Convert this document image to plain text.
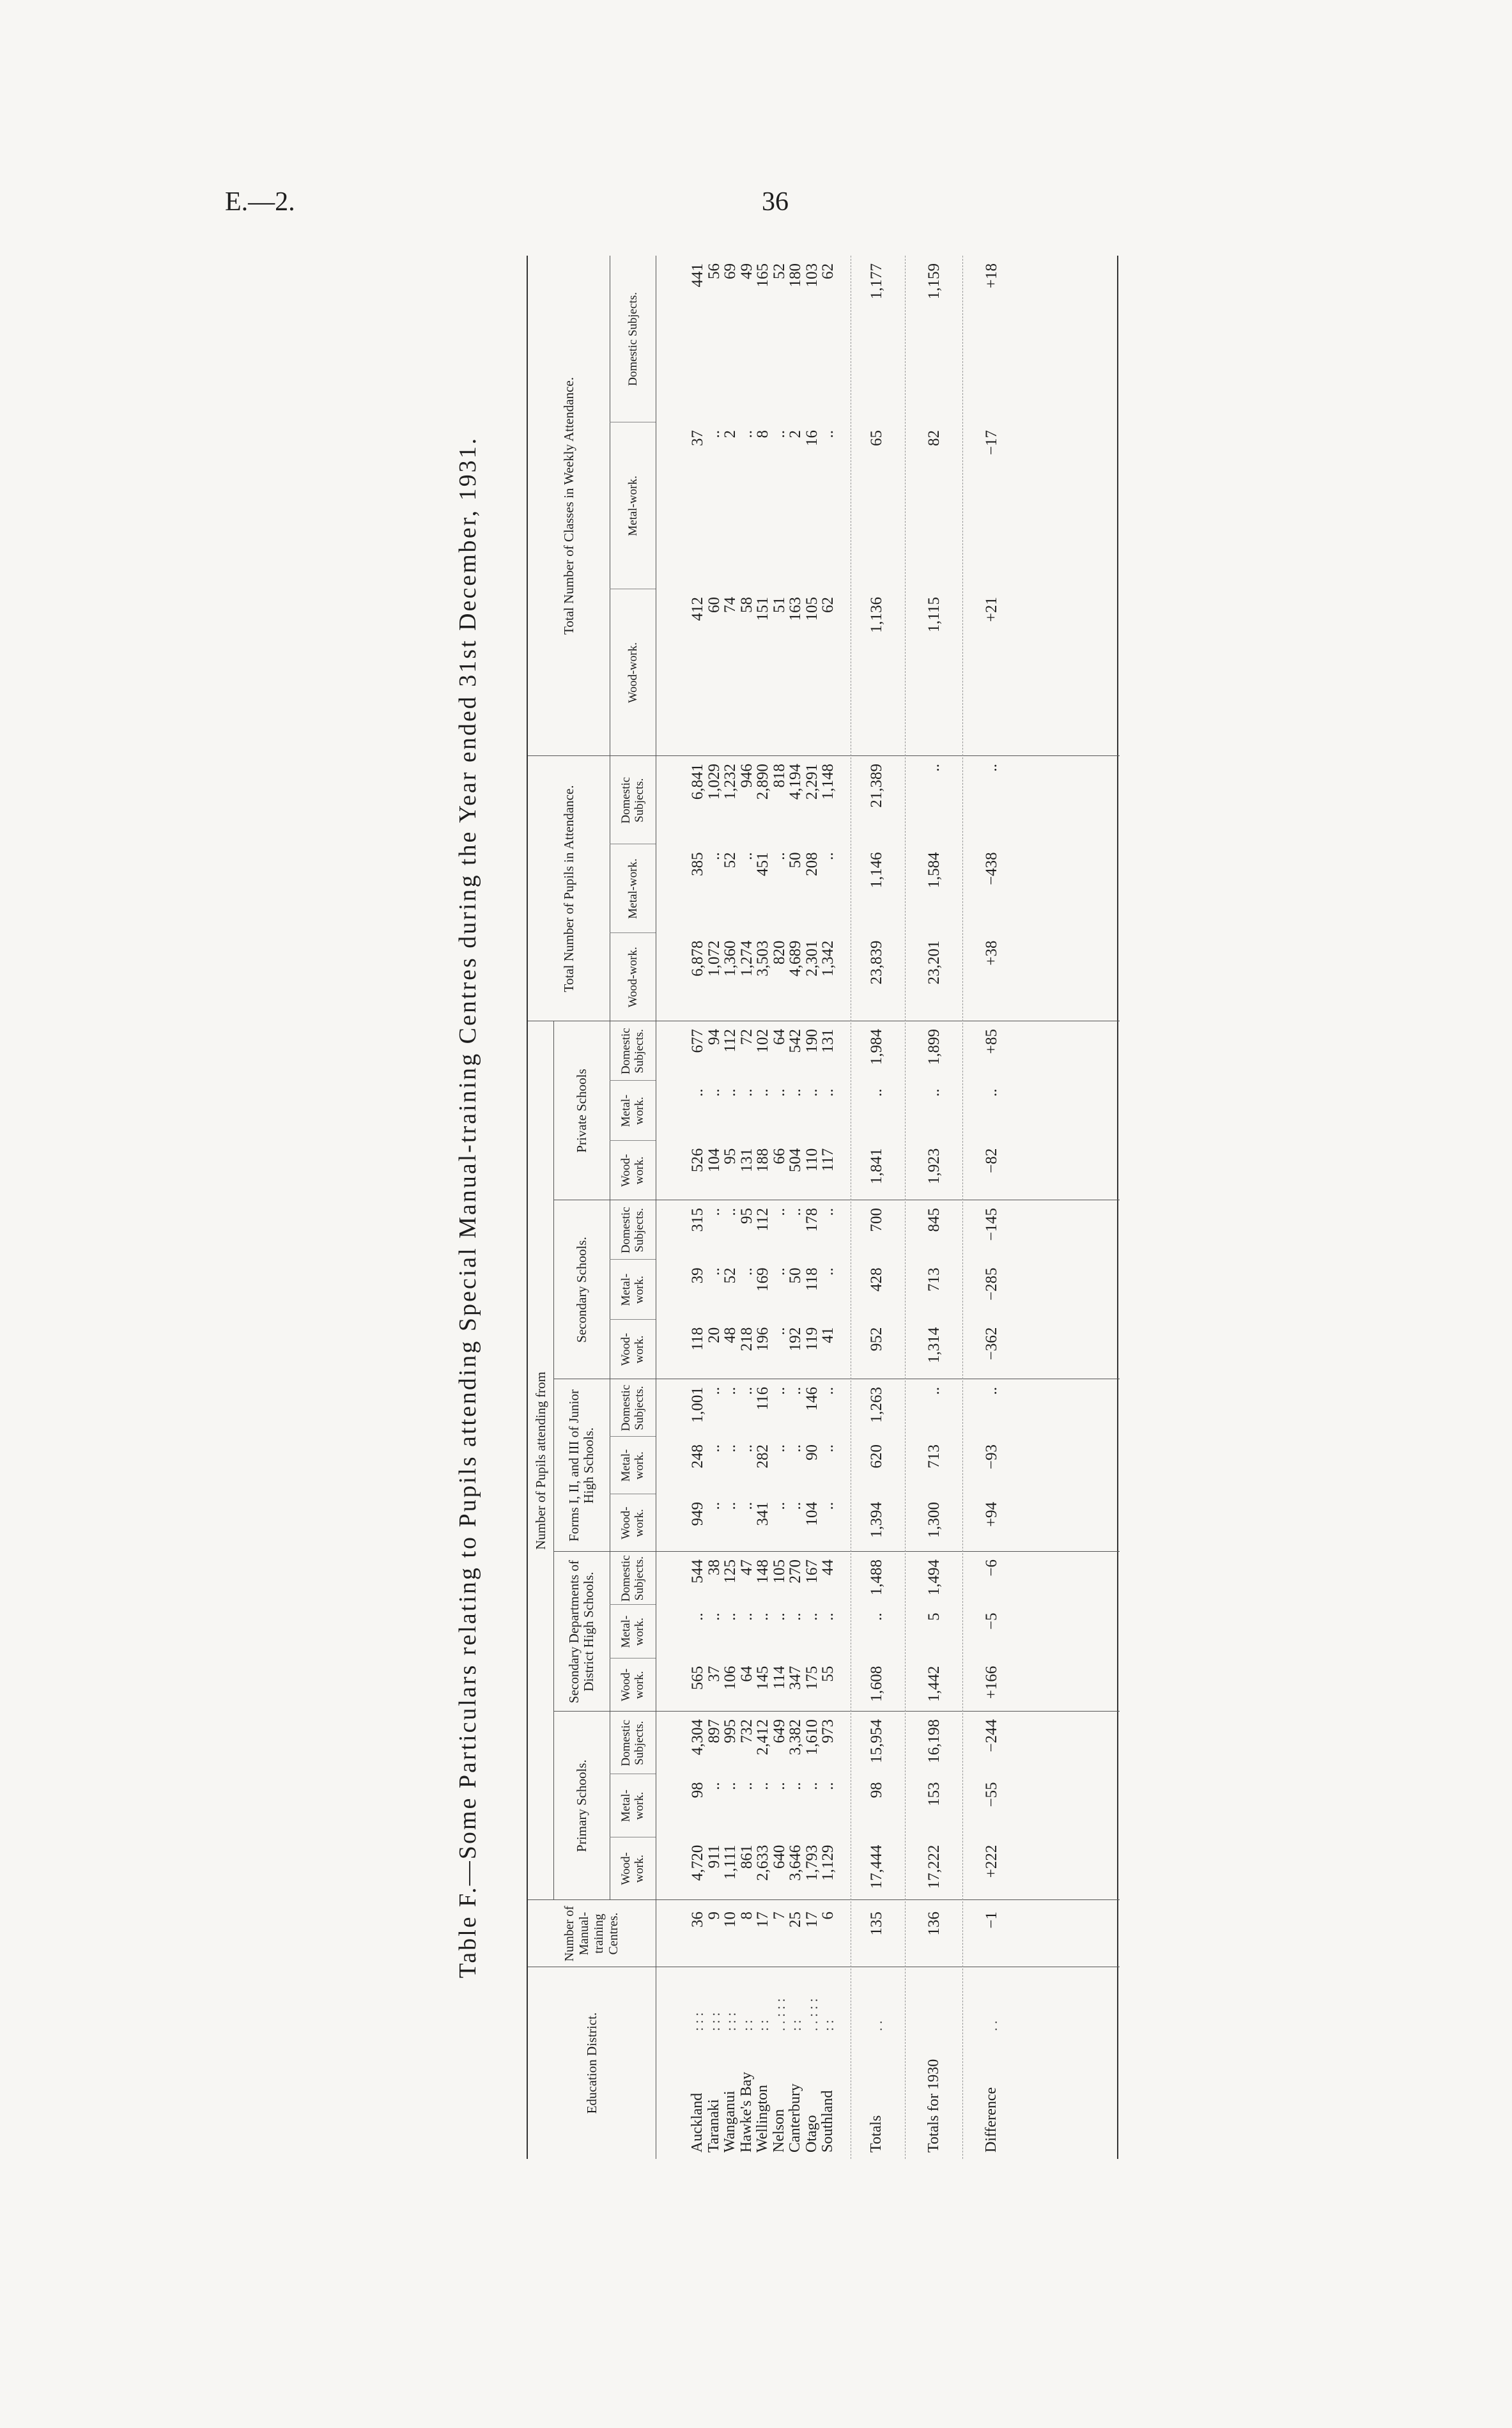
E.—2.	36
Table F.—Some Particulars relating to Pupils attending Special Manual-training Centres during the Year ended 31st December, 1931.
Education District.
Number of Manual-training Centres.
Number of Pupils attending from
Primary Schools.
Secondary Departments of District High Schools.
Forms I, II, and III of Junior High Schools.
Secondary Schools.
Private Schools
Total Number of Pupils in Attendance.
Total Number of Classes in Weekly Attendance.
Wood-work.
Metal-work.
Domestic Subjects.
Wood-work.
Metal-work.
Domestic Subjects.
Wood-work.
Metal-work.
Domestic Subjects.
Wood-work.
Metal-work.
Domestic Subjects.
Wood-work.
Metal-work.
Domestic Subjects.
Wood-work.
Metal-work.
Domestic Subjects.
Wood-work.
Metal-work.
Domestic Subjects.
Auckland
: : :
36
4,720
98
4,304
565
..
544
949
248
1,001
118
39
315
526
..
677
6,878
385
6,841
412
37
441
Taranaki
: : :
9
911
..
897
37
..
38
..
..
..
20
..
..
104
..
94
1,072
..
1,029
60
..
56
Wanganui
: : :
10
1,111
..
995
106
..
125
..
..
..
48
52
..
95
..
112
1,360
52
1,232
74
2
69
Hawke's Bay
: :
8
861
..
732
64
..
47
..
..
..
218
..
95
131
..
72
1,274
..
946
58
..
49
Wellington
: :
17
2,633
..
2,412
145
..
148
341
282
116
196
169
112
188
..
102
3,503
451
2,890
151
8
165
Nelson
. . : : :
7
640
..
649
114
..
105
..
..
..
..
..
..
66
..
64
820
..
818
51
..
52
Canterbury
: :
25
3,646
..
3,382
347
..
270
..
..
..
192
50
..
504
..
542
4,689
50
4,194
163
2
180
Otago
. . : : :
17
1,793
..
1,610
175
..
167
104
90
146
119
118
178
110
..
190
2,301
208
2,291
105
16
103
Southland
: :
6
1,129
..
973
55
..
44
..
..
..
41
..
..
117
..
131
1,342
..
1,148
62
..
62
Totals
. .
135
17,444
98
15,954
1,608
..
1,488
1,394
620
1,263
952
428
700
1,841
..
1,984
23,839
1,146
21,389
1,136
65
1,177
Totals for 1930
136
17,222
153
16,198
1,442
5
1,494
1,300
713
..
1,314
713
845
1,923
..
1,899
23,201
1,584
..
1,115
82
1,159
Difference
. .
−1
+222
−55
−244
+166
−5
−6
+94
−93
..
−362
−285
−145
−82
..
+85
+38
−438
..
+21
−17
+18
